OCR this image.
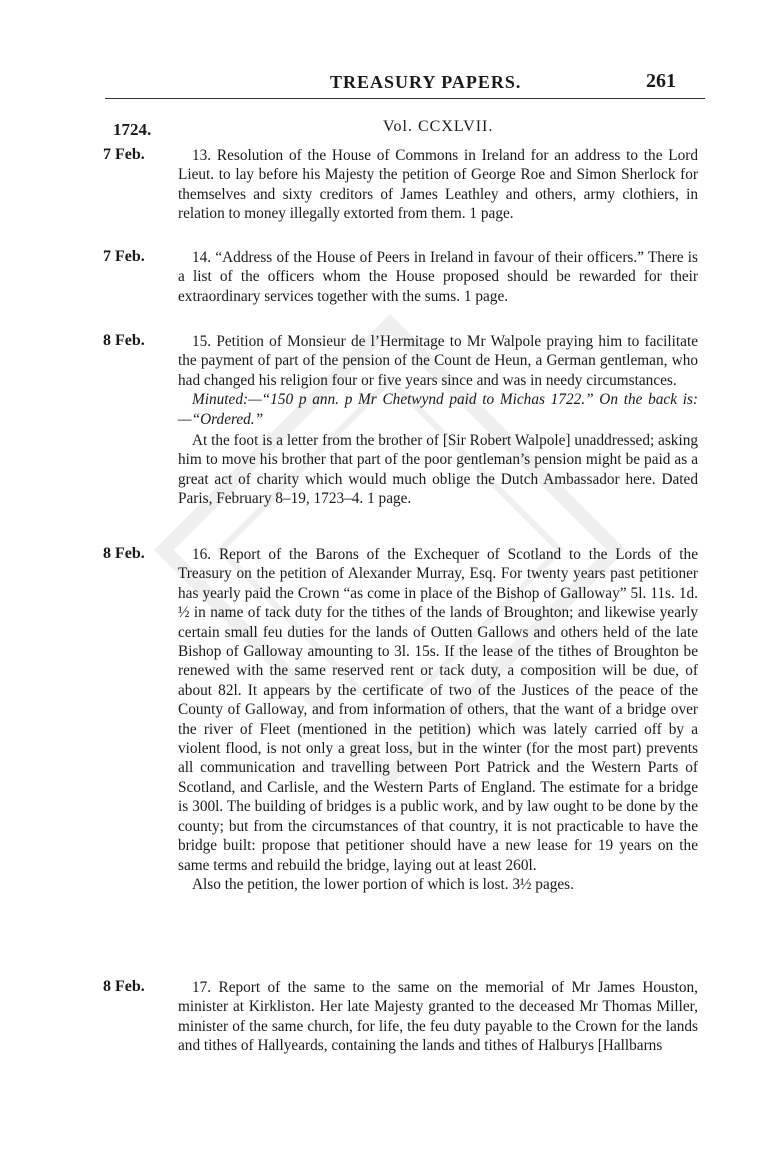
TREASURY PAPERS.	261
1724.	Vol. CCXLVII.
7 Feb.	13. Resolution of the House of Commons in Ireland for an address to the Lord Lieut. to lay before his Majesty the petition of George Roe and Simon Sherlock for themselves and sixty creditors of James Leathley and others, army clothiers, in relation to money illegally extorted from them. 1 page.

7 Feb.	14. “Address of the House of Peers in Ireland in favour of their officers.” There is a list of the officers whom the House proposed should be rewarded for their extraordinary services together with the sums. 1 page.

8 Feb.	15. Petition of Monsieur de l’Hermitage to Mr Walpole praying him to facilitate the payment of part of the pension of the Count de Heun, a German gentleman, who had changed his religion four or five years since and was in needy circumstances.

Minuted:—“150 p ann. p Mr Chetwynd paid to Michas 1722.” On the back is:—“Ordered.”

At the foot is a letter from the brother of [Sir Robert Walpole] unaddressed; asking him to move his brother that part of the poor gentleman’s pension might be paid as a great act of charity which would much oblige the Dutch Ambassador here. Dated Paris, February 8–19, 1723–4. 1 page.

8 Feb.	16. Report of the Barons of the Exchequer of Scotland to the Lords of the Treasury on the petition of Alexander Murray, Esq. For twenty years past petitioner has yearly paid the Crown “as come in place of the Bishop of Galloway” 5l. 11s. 1d. ½ in name of tack duty for the tithes of the lands of Broughton; and likewise yearly certain small feu duties for the lands of Outten Gallows and others held of the late Bishop of Galloway amounting to 3l. 15s. If the lease of the tithes of Broughton be renewed with the same reserved rent or tack duty, a composition will be due, of about 82l. It appears by the certificate of two of the Justices of the peace of the County of Galloway, and from information of others, that the want of a bridge over the river of Fleet (mentioned in the petition) which was lately carried off by a violent flood, is not only a great loss, but in the winter (for the most part) prevents all communication and travelling between Port Patrick and the Western Parts of Scotland, and Carlisle, and the Western Parts of England. The estimate for a bridge is 300l. The building of bridges is a public work, and by law ought to be done by the county; but from the circumstances of that country, it is not practicable to have the bridge built: propose that petitioner should have a new lease for 19 years on the same terms and rebuild the bridge, laying out at least 260l.

Also the petition, the lower portion of which is lost. 3½ pages.

8 Feb.	17. Report of the same to the same on the memorial of Mr James Houston, minister at Kirkliston. Her late Majesty granted to the deceased Mr Thomas Miller, minister of the same church, for life, the feu duty payable to the Crown for the lands and tithes of Hallyeards, containing the lands and tithes of Halburys [Hallbarns
